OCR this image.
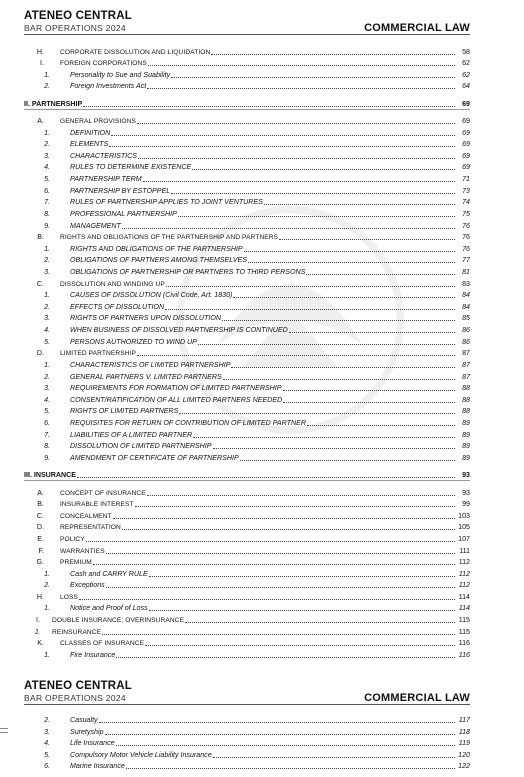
ATENEO CENTRAL
BAR OPERATIONS 2024	COMMERCIAL LAW
H. CORPORATE DISSOLUTION AND LIQUIDATION	58
I. FOREIGN CORPORATIONS	62
1.	Personality to Sue and Suability	62
2.	Foreign Investments Act	64
II. PARTNERSHIP	69
A. GENERAL PROVISIONS	69
1.	DEFINITION	69
2.	ELEMENTS	69
3.	CHARACTERISTICS	69
4.	RULES TO DETERMINE EXISTENCE	69
5.	PARTNERSHIP TERM	71
6.	PARTNERSHIP BY ESTOPPEL	73
7.	RULES OF PARTNERSHIP APPLIES TO JOINT VENTURES	74
8.	PROFESSIONAL PARTNERSHIP	75
9.	MANAGEMENT	76
B. RIGHTS AND OBLIGATIONS OF THE PARTNERSHIP AND PARTNERS	76
1.	RIGHTS AND OBLIGATIONS OF THE PARTNERSHIP	76
2.	OBLIGATIONS OF PARTNERS AMONG THEMSELVES	77
3.	OBLIGATIONS OF PARTNERSHIP OR PARTNERS TO THIRD PERSONS	81
C. DISSOLUTION AND WINDING UP	83
1.	CAUSES OF DISSOLUTION (Civil Code, Art. 1830)	84
2.	EFFECTS OF DISSOLUTION	84
3.	RIGHTS OF PARTNERS UPON DISSOLUTION	85
4.	WHEN BUSINESS OF DISSOLVED PARTNERSHIP IS CONTINUED	86
5.	PERSONS AUTHORIZED TO WIND UP	86
D. LIMITED PARTNERSHIP	87
1.	CHARACTERISTICS OF LIMITED PARTNERSHIP	87
2.	GENERAL PARTNERS V. LIMITED PARTNERS	87
3.	REQUIREMENTS FOR FORMATION OF LIMITED PARTNERSHIP	88
4.	CONSENT/RATIFICATION OF ALL LIMITED PARTNERS NEEDED	88
5.	RIGHTS OF LIMITED PARTNERS	88
6.	REQUISITES FOR RETURN OF CONTRIBUTION OF LIMITED PARTNER	89
7.	LIABILITIES OF A LIMITED PARTNER	89
8.	DISSOLUTION OF LIMITED PARTNERSHIP	89
9.	AMENDMENT OF CERTIFICATE OF PARTNERSHIP	89
III. INSURANCE	93
A. CONCEPT OF INSURANCE	93
B. INSURABLE INTEREST	99
C. CONCEALMENT	103
D. REPRESENTATION	105
E. POLICY	107
F. WARRANTIES	111
G. PREMIUM	112
1.	Cash and CARRY RULE	112
2.	Exceptions	112
H. LOSS	114
1.	Notice and Proof of Loss	114
I. DOUBLE INSURANCE; OVERINSURANCE	115
J. REINSURANCE	115
K. CLASSES OF INSURANCE	116
1.	Fire Insurance	116
ATENEO CENTRAL
BAR OPERATIONS 2024	COMMERCIAL LAW
2.	Casualty	117
3.	Suretyship	118
4.	Life Insurance	119
5.	Compulsory Motor Vehicle Liability Insurance	120
6.	Marine Insurance	122
